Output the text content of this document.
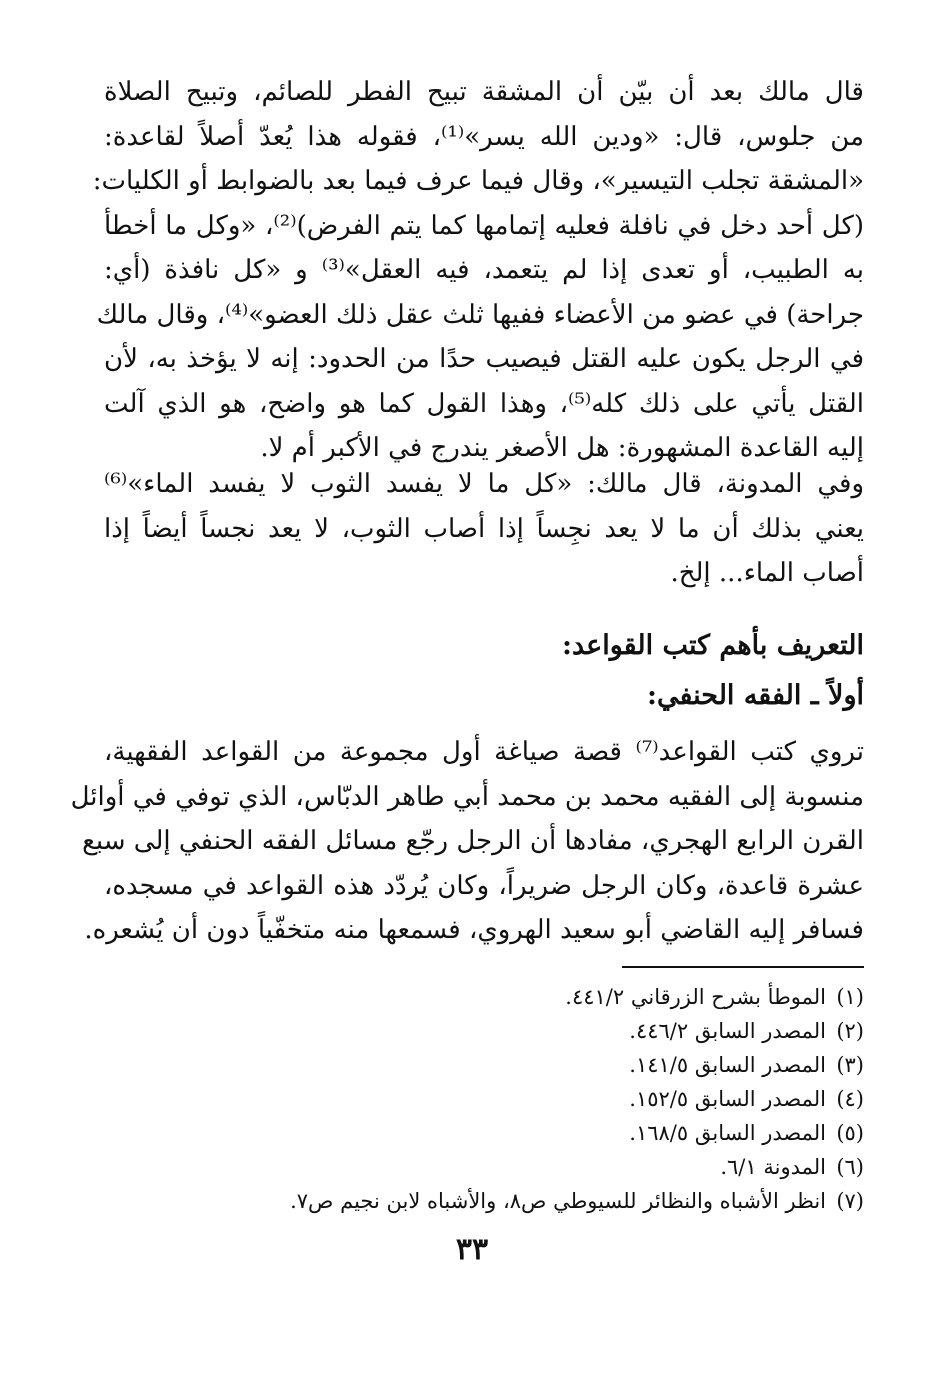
قال مالك بعد أن بيّن أن المشقة تبيح الفطر للصائم، وتبيح الصلاة
من جلوس، قال: «ودين الله يسر»⁽¹⁾، فقوله هذا يُعدّ أصلاً لقاعدة:
«المشقة تجلب التيسير»، وقال فيما عرف فيما بعد بالضوابط أو الكليات:
(كل أحد دخل في نافلة فعليه إتمامها كما يتم الفرض)⁽²⁾، «وكل ما أخطأ
به الطبيب، أو تعدى إذا لم يتعمد، فيه العقل»⁽³⁾ و «كل نافذة (أي:
جراحة) في عضو من الأعضاء ففيها ثلث عقل ذلك العضو»⁽⁴⁾، وقال مالك
في الرجل يكون عليه القتل فيصيب حدًا من الحدود: إنه لا يؤخذ به، لأن
القتل يأتي على ذلك كله⁽⁵⁾، وهذا القول كما هو واضح، هو الذي آلت
إليه القاعدة المشهورة: هل الأصغر يندرج في الأكبر أم لا.
وفي المدونة، قال مالك: «كل ما لا يفسد الثوب لا يفسد الماء»⁽⁶⁾
يعني بذلك أن ما لا يعد نجِساً إذا أصاب الثوب، لا يعد نجساً أيضاً إذا
أصاب الماء... إلخ.
التعريف بأهم كتب القواعد:
أولاً ـ الفقه الحنفي:
تروي كتب القواعد⁽⁷⁾ قصة صياغة أول مجموعة من القواعد الفقهية،
منسوبة إلى الفقيه محمد بن محمد أبي طاهر الدبّاس، الذي توفي في أوائل
القرن الرابع الهجري، مفادها أن الرجل رجّع مسائل الفقه الحنفي إلى سبع
عشرة قاعدة، وكان الرجل ضريراً، وكان يُردّد هذه القواعد في مسجده،
فسافر إليه القاضي أبو سعيد الهروي، فسمعها منه متخفّياً دون أن يُشعره.
(١)الموطأ بشرح الزرقاني ٤٤١/٢.
(٢)المصدر السابق ٤٤٦/٢.
(٣)المصدر السابق ١٤١/٥.
(٤)المصدر السابق ١٥٢/٥.
(٥)المصدر السابق ١٦٨/٥.
(٦)المدونة ٦/١.
(٧)انظر الأشباه والنظائر للسيوطي ص٨، والأشباه لابن نجيم ص٧.
٣٣
